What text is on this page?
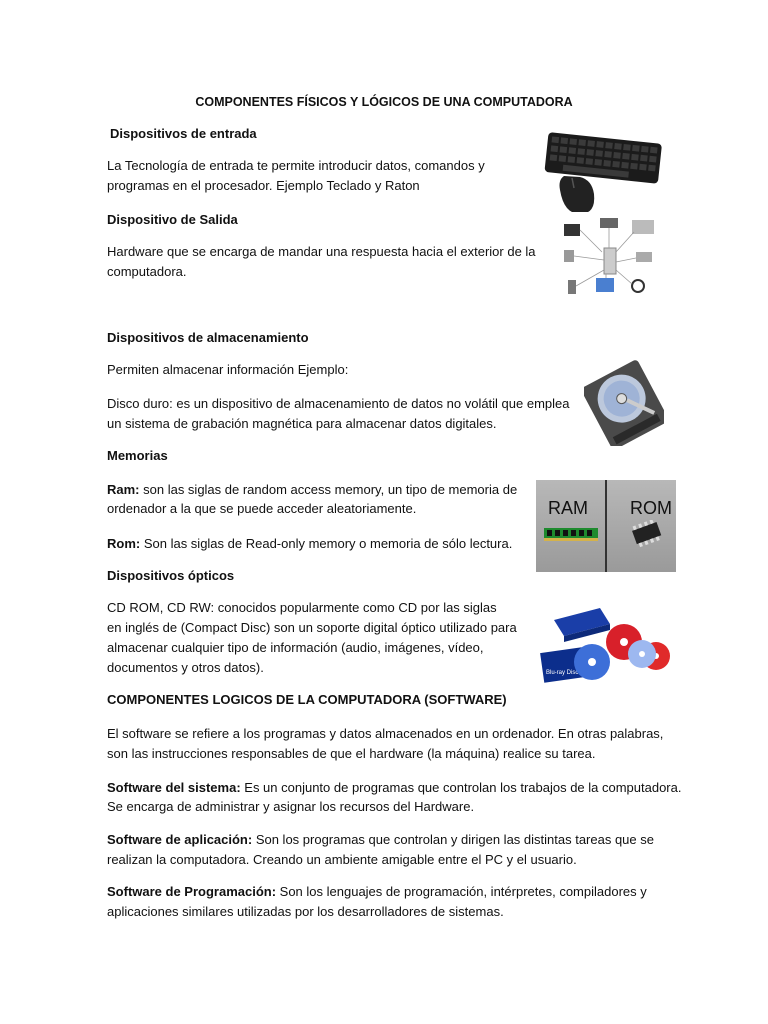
COMPONENTES FÍSICOS Y LÓGICOS DE UNA COMPUTADORA
Dispositivos de entrada
La Tecnología de entrada te permite introducir datos, comandos y
programas en el procesador. Ejemplo Teclado y Raton
Dispositivo de Salida
Hardware que se encarga de mandar una respuesta hacia el exterior de la
computadora.
Dispositivos de almacenamiento
Permiten almacenar información Ejemplo:
Disco duro: es un dispositivo de almacenamiento de datos no volátil que emplea
un sistema de grabación magnética para almacenar datos digitales.
Memorias
Ram: son las siglas de random access memory, un tipo de memoria de
ordenador a la que se puede acceder aleatoriamente.
Rom: Son las siglas de Read-only memory o memoria de sólo lectura.
RAM ROM
Dispositivos ópticos
CD ROM, CD RW: conocidos popularmente como CD por las siglas
en inglés de (Compact Disc) son un soporte digital óptico utilizado para
almacenar cualquier tipo de información (audio, imágenes, vídeo,
documentos y otros datos).	Blu-ray Disc
COMPONENTES LOGICOS DE LA COMPUTADORA (SOFTWARE)
El software se refiere a los programas y datos almacenados en un ordenador. En otras palabras,
son las instrucciones responsables de que el hardware (la máquina) realice su tarea.
Software del sistema: Es un conjunto de programas que controlan los trabajos de la computadora.
Se encarga de administrar y asignar los recursos del Hardware.
Software de aplicación: Son los programas que controlan y dirigen las distintas tareas que se
realizan la computadora. Creando un ambiente amigable entre el PC y el usuario.
Software de Programación: Son los lenguajes de programación, intérpretes, compiladores y
aplicaciones similares utilizadas por los desarrolladores de sistemas.
